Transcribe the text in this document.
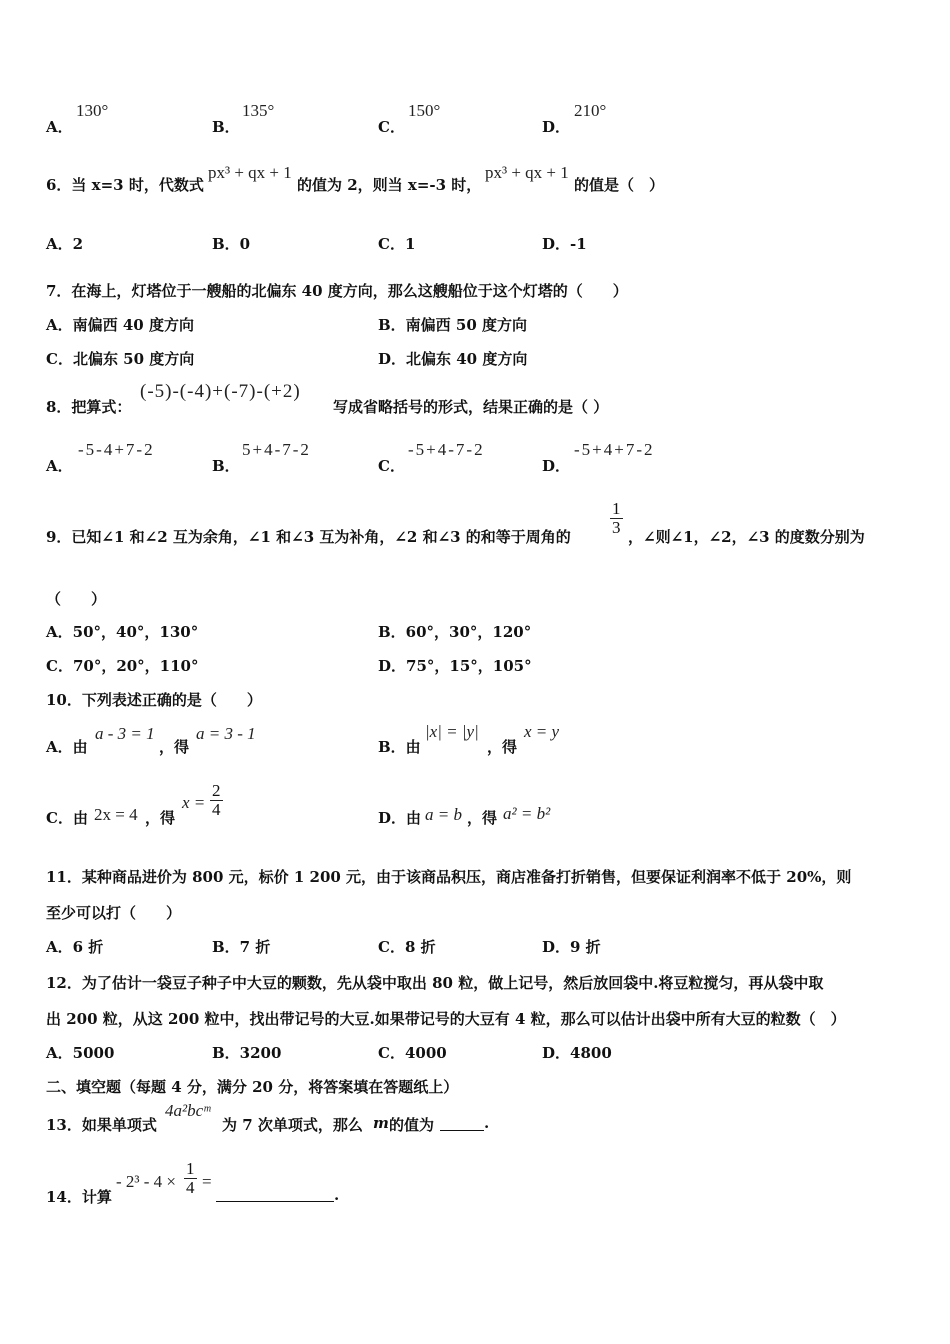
A．
130°
B．
135°
C．
150°
D．
210°
6．当 x=3 时，代数式
px³ + qx + 1
的值为 2，则当 x=-3 时，
px³ + qx + 1
的值是（　）
A．2	B．0	C．1	D．-1
7．在海上，灯塔位于一艘船的北偏东 40 度方向，那么这艘船位于这个灯塔的（　　）
A．南偏西 40 度方向	B．南偏西 50 度方向
C．北偏东 50 度方向	D．北偏东 40 度方向
8．把算式：
(-5)-(-4)+(-7)-(+2)
写成省略括号的形式，结果正确的是（ ）
A．
-5-4+7-2
B．
5+4-7-2
C．
-5+4-7-2
D．
-5+4+7-2
9．已知∠1 和∠2 互为余角，∠1 和∠3 互为补角，∠2 和∠3 的和等于周角的 $\frac{1}{3}$ ，∠则∠1，∠2，∠3 的度数分别为
（　　）
A．50°，40°，130°	B．60°，30°，120°
C．70°，20°，110°	D．75°，15°，105°
10．下列表述正确的是（　　）
A．由
a - 3 = 1
，得
a = 3 - 1
B．由
|x| = |y|
，得
x = y
C．由 2x = 4 ，得
$x = \frac{2}{4}$	D．由 a = b ，得 a² = b²
11．某种商品进价为 800 元，标价 1 200 元，由于该商品积压，商店准备打折销售，但要保证利润率不低于 20%，则
至少可以打（　　）
A．6 折	B．7 折	C．8 折	D．9 折
12．为了估计一袋豆子种子中大豆的颗数，先从袋中取出 80 粒，做上记号，然后放回袋中.将豆粒搅匀，再从袋中取
出 200 粒，从这 200 粒中，找出带记号的大豆.如果带记号的大豆有 4 粒，那么可以估计出袋中所有大豆的粒数（　）
A．5000	B．3200	C．4000	D．4800
二、填空题（每题 4 分，满分 20 分，将答案填在答题纸上）
13．如果单项式
4a²bcᵐ
为 7 次单项式，那么 m 的值为	.
14．计算
- $2^3 - 4 \times \frac{1}{4}$ =
.
